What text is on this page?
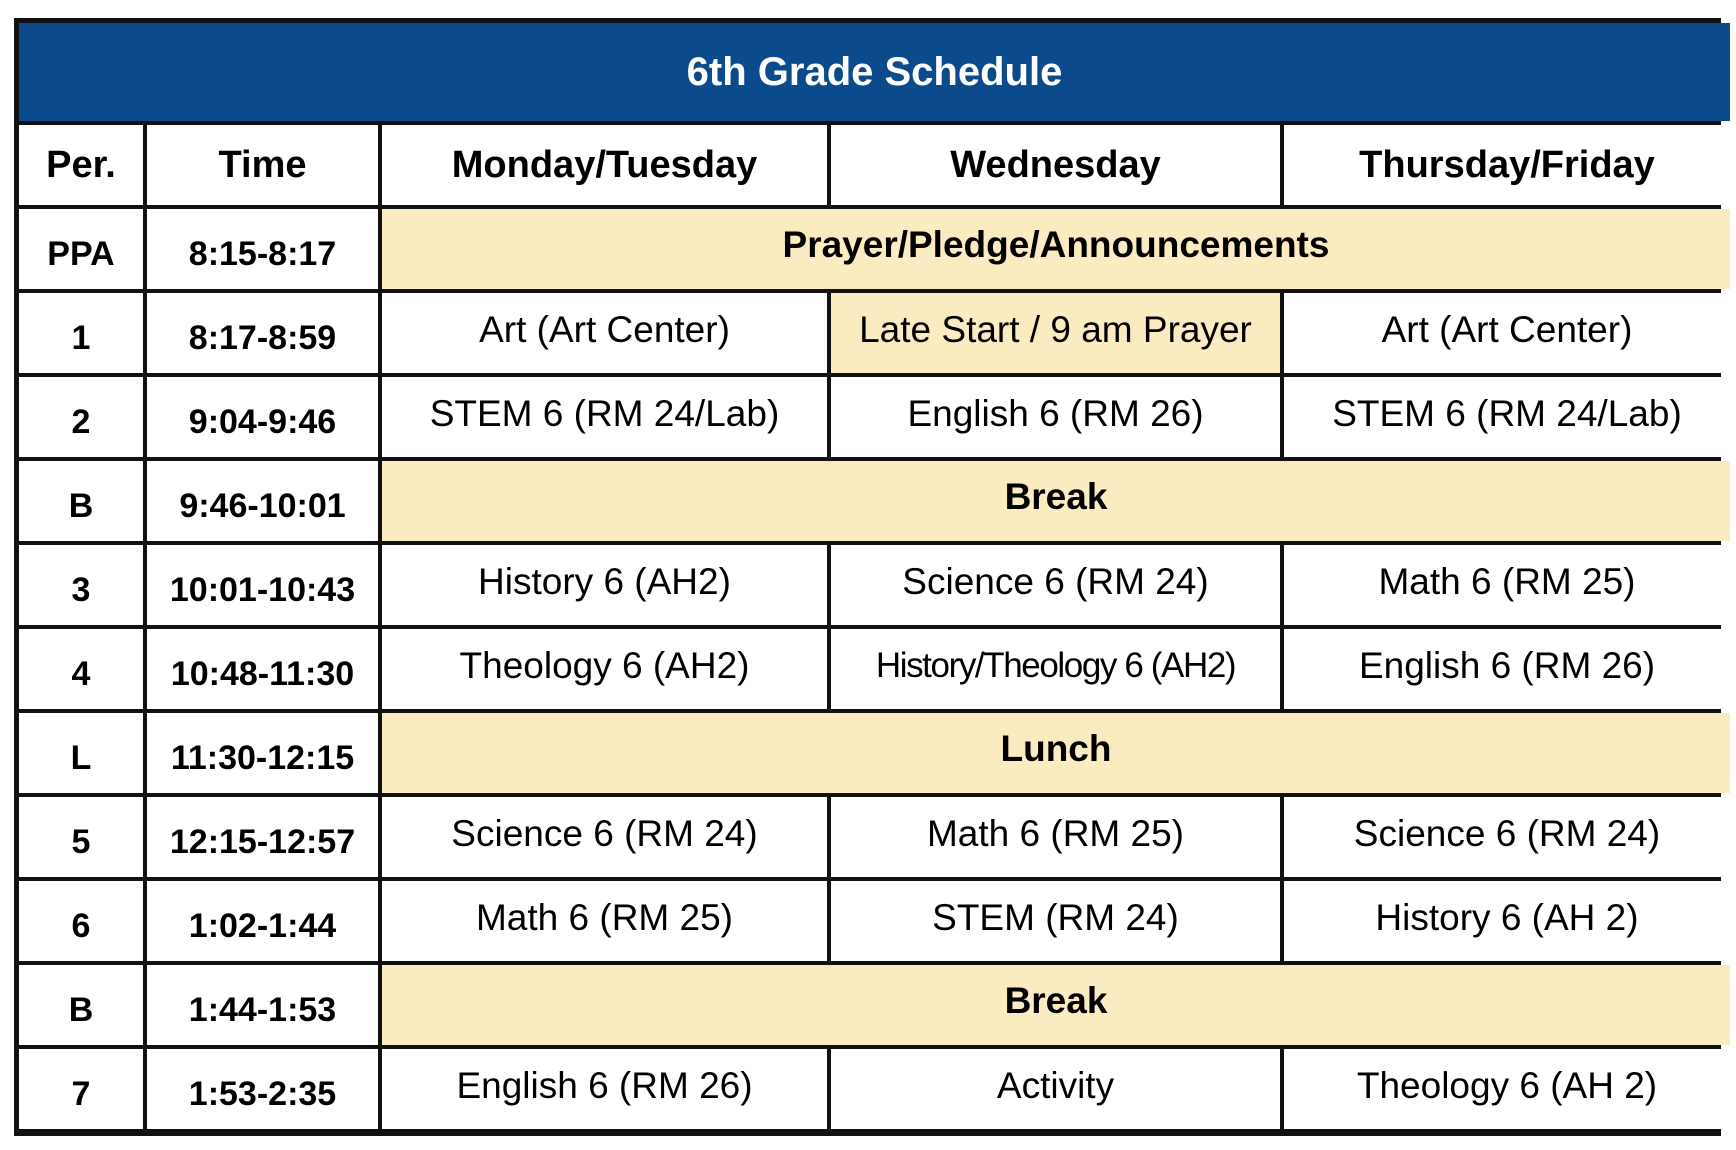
6th Grade Schedule
Per.	Time	Monday/Tuesday	Wednesday	Thursday/Friday
PPA	8:15-8:17	Prayer/Pledge/Announcements
1	8:17-8:59	Art (Art Center)	Late Start / 9 am Prayer	Art (Art Center)
2	9:04-9:46	STEM 6 (RM 24/Lab)	English 6 (RM 26)	STEM 6 (RM 24/Lab)
B	9:46-10:01	Break
3	10:01-10:43	History 6 (AH2)	Science 6 (RM 24)	Math 6 (RM 25)
4	10:48-11:30	Theology 6 (AH2)	History/Theology 6 (AH2)	English 6 (RM 26)
L	11:30-12:15	Lunch
5	12:15-12:57	Science 6 (RM 24)	Math 6 (RM 25)	Science 6 (RM 24)
6	1:02-1:44	Math 6 (RM 25)	STEM (RM 24)	History 6 (AH 2)
B	1:44-1:53	Break
7	1:53-2:35	English 6 (RM 26)	Activity	Theology 6 (AH 2)
